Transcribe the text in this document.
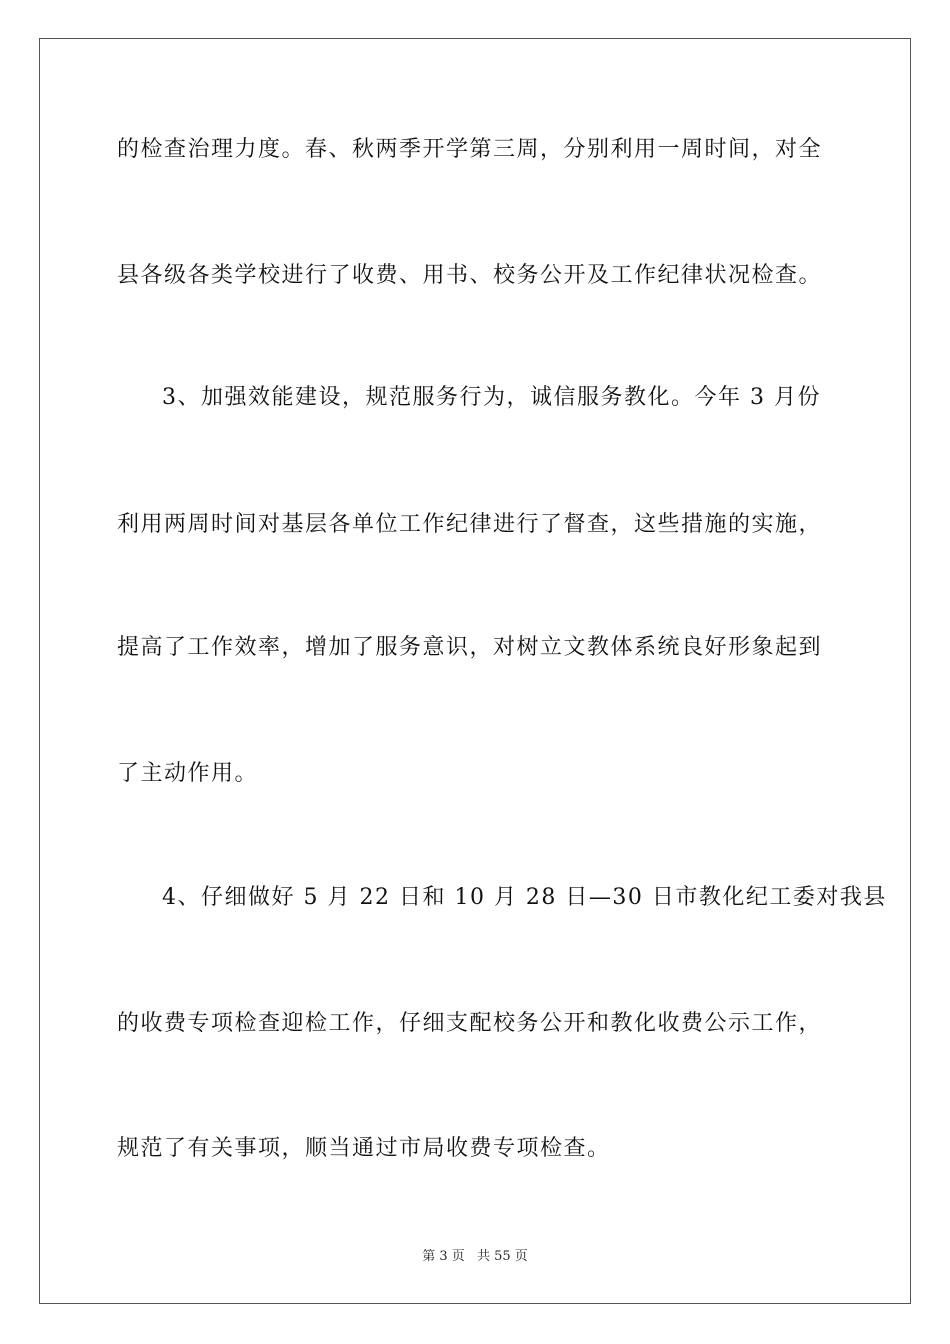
的检查治理力度。春、秋两季开学第三周，分别利用一周时间，对全
县各级各类学校进行了收费、用书、校务公开及工作纪律状况检查。
3、加强效能建设，规范服务行为，诚信服务教化。今年 3 月份
利用两周时间对基层各单位工作纪律进行了督查，这些措施的实施，
提高了工作效率，增加了服务意识，对树立文教体系统良好形象起到
了主动作用。
4、仔细做好 5 月 22 日和 10 月 28 日—30 日市教化纪工委对我县
的收费专项检查迎检工作，仔细支配校务公开和教化收费公示工作，
规范了有关事项，顺当通过市局收费专项检查。
第 3 页 共 55 页
